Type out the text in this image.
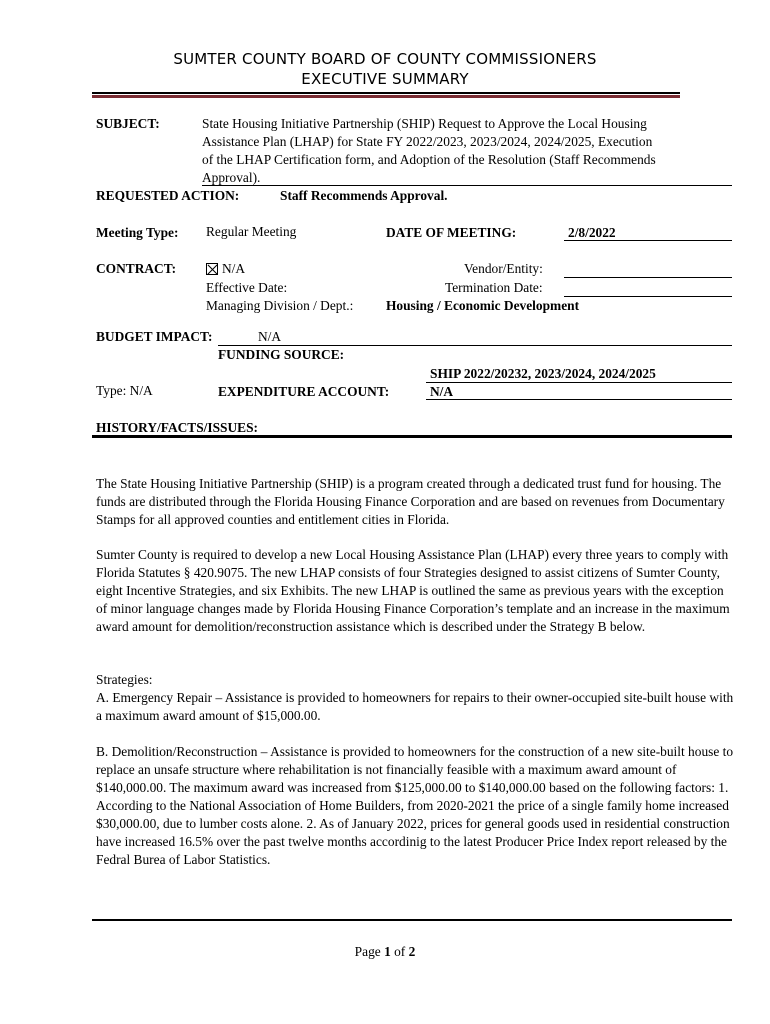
SUMTER COUNTY BOARD OF COUNTY COMMISSIONERS
EXECUTIVE SUMMARY
SUBJECT:	State Housing Initiative Partnership (SHIP) Request to Approve the Local Housing
Assistance Plan (LHAP) for State FY 2022/2023, 2023/2024, 2024/2025, Execution
of the LHAP Certification form, and Adoption of the Resolution (Staff Recommends
Approval).
REQUESTED ACTION:	Staff Recommends Approval.
Meeting Type: Regular Meeting	DATE OF MEETING:	2/8/2022
CONTRACT:	N/A	Vendor/Entity:
Effective Date:	Termination Date:
Managing Division / Dept.: Housing / Economic Development
BUDGET IMPACT:	N/A
FUNDING SOURCE:
SHIP 2022/20232, 2023/2024, 2024/2025
Type: N/A	EXPENDITURE ACCOUNT:	N/A
HISTORY/FACTS/ISSUES:

The State Housing Initiative Partnership (SHIP) is a program created through a dedicated trust fund for housing. The funds are distributed through the Florida Housing Finance Corporation and are based on revenues from Documentary Stamps for all approved counties and entitlement cities in Florida.

Sumter County is required to develop a new Local Housing Assistance Plan (LHAP) every three years to comply with Florida Statutes § 420.9075. The new LHAP consists of four Strategies designed to assist citizens of Sumter County, eight Incentive Strategies, and six Exhibits. The new LHAP is outlined the same as previous years with the exception of minor language changes made by Florida Housing Finance Corporation’s template and an increase in the maximum award amount for demolition/reconstruction assistance which is described under the Strategy B below.

Strategies:

A. Emergency Repair – Assistance is provided to homeowners for repairs to their owner-occupied site-built house with a maximum award amount of $15,000.00.

B. Demolition/Reconstruction – Assistance is provided to homeowners for the construction of a new site-built house to replace an unsafe structure where rehabilitation is not financially feasible with a maximum award amount of $140,000.00. The maximum award was increased from $125,000.00 to $140,000.00 based on the following factors: 1. According to the National Association of Home Builders, from 2020-2021 the price of a single family home increased $30,000.00, due to lumber costs alone. 2. As of January 2022, prices for general goods used in residential construction have increased 16.5% over the past twelve months accordinig to the latest Producer Price Index report released by the Fedral Burea of Labor Statistics.

Page 1 of 2
